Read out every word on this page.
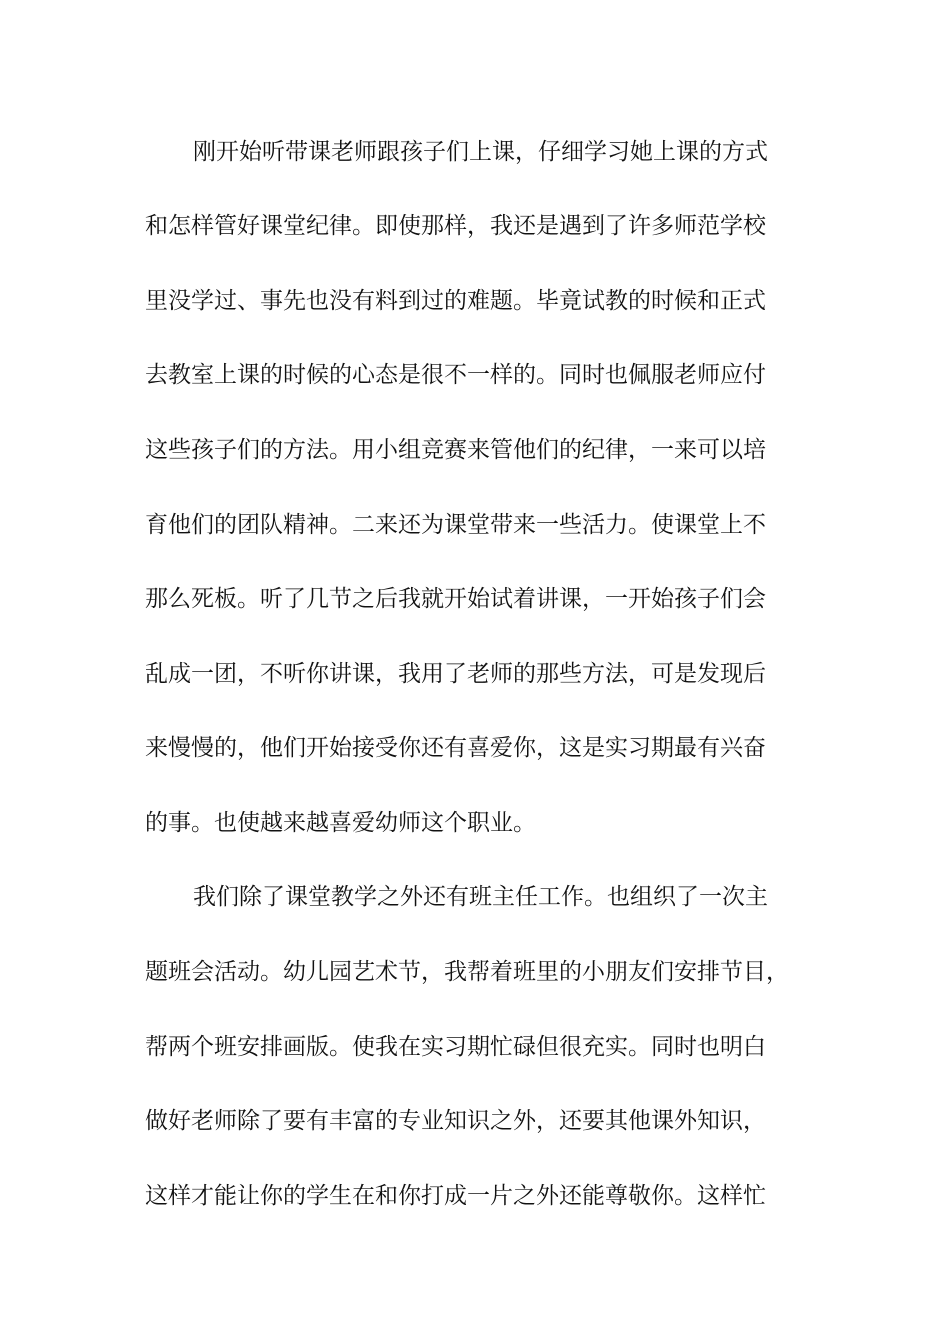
刚开始听带课老师跟孩子们上课，仔细学习她上课的方式
和怎样管好课堂纪律。即使那样，我还是遇到了许多师范学校
里没学过、事先也没有料到过的难题。毕竟试教的时候和正式
去教室上课的时候的心态是很不一样的。同时也佩服老师应付
这些孩子们的方法。用小组竞赛来管他们的纪律，一来可以培
育他们的团队精神。二来还为课堂带来一些活力。使课堂上不
那么死板。听了几节之后我就开始试着讲课，一开始孩子们会
乱成一团，不听你讲课，我用了老师的那些方法，可是发现后
来慢慢的，他们开始接受你还有喜爱你，这是实习期最有兴奋
的事。也使越来越喜爱幼师这个职业。
我们除了课堂教学之外还有班主任工作。也组织了一次主
题班会活动。幼儿园艺术节，我帮着班里的小朋友们安排节目，
帮两个班安排画版。使我在实习期忙碌但很充实。同时也明白
做好老师除了要有丰富的专业知识之外，还要其他课外知识，
这样才能让你的学生在和你打成一片之外还能尊敬你。这样忙
